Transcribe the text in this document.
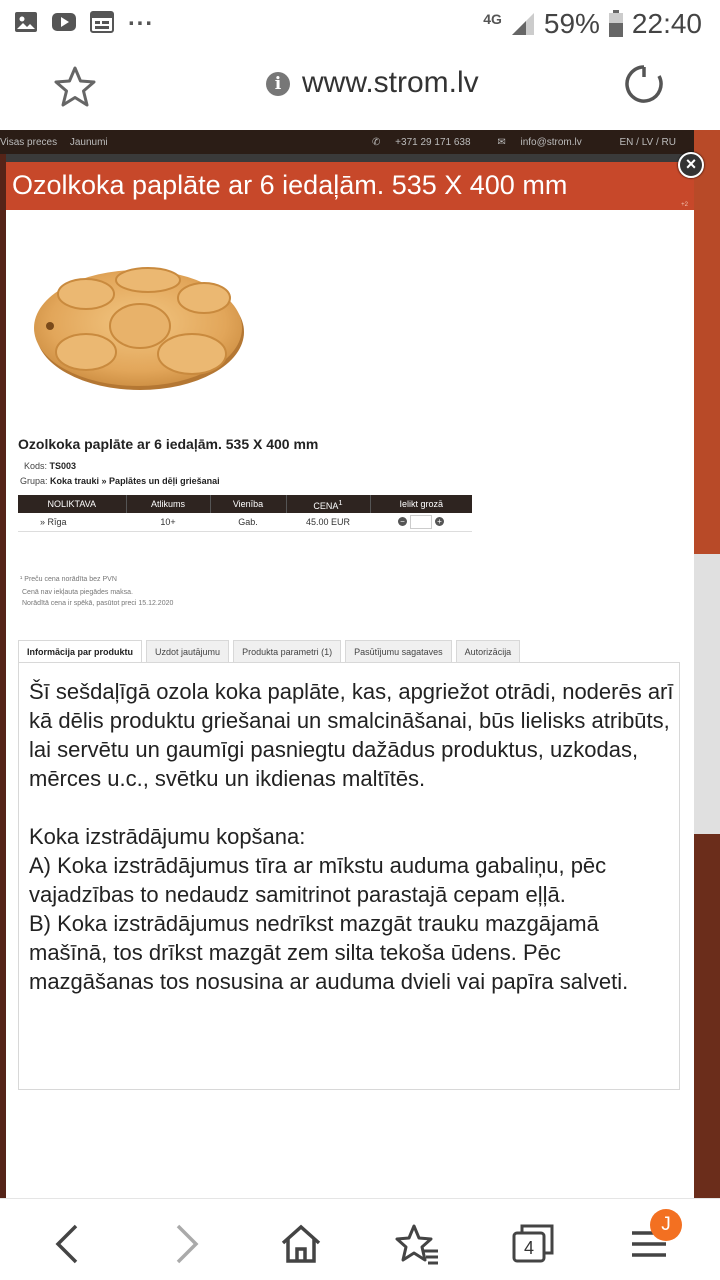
...	4G 59% 22:40
i www.strom.lv
Visas preces Jaunumi	✆ +371 29 171 638	✉ info@strom.lv	EN / LV / RU
Ozolkoka paplāte ar 6 iedaļām. 535 X 400 mm
+2
×
Ozolkoka paplāte ar 6 iedaļām. 535 X 400 mm
Kods: TS003
Grupa: Koka trauki » Paplātes un dēļi griešanai
NOLIKTAVA	Atlikums	Vienība	CENA$^1$	Ielikt grozā
» Rīga	10+	Gab.	45.00 EUR	− +
¹ Preču cena norādīta bez PVN
Cenā nav iekļauta piegādes maksa.
Norādītā cena ir spēkā, pasūtot preci 15.12.2020
Informācija par produktu	Uzdot jautājumu	Produkta parametri (1)	Pasūtījumu sagataves	Autorizācija

Šī sešdaļīgā ozola koka paplāte, kas, apgriežot otrādi, noderēs arī kā dēlis produktu griešanai un smalcināšanai, būs lielisks atribūts, lai servētu un gaumīgi pasniegtu dažādus produktus, uzkodas, mērces u.c., svētku un ikdienas maltītēs.

Koka izstrādājumu kopšana:

A) Koka izstrādājumus tīra ar mīkstu auduma gabaliņu, pēc vajadzības to nedaudz samitrinot parastajā cepam eļļā.

B) Koka izstrādājumus nedrīkst mazgāt trauku mazgājamā mašīnā, tos drīkst mazgāt zem silta tekoša ūdens. Pēc mazgāšanas tos nosusina ar auduma dvieli vai papīra salveti.

4
J
